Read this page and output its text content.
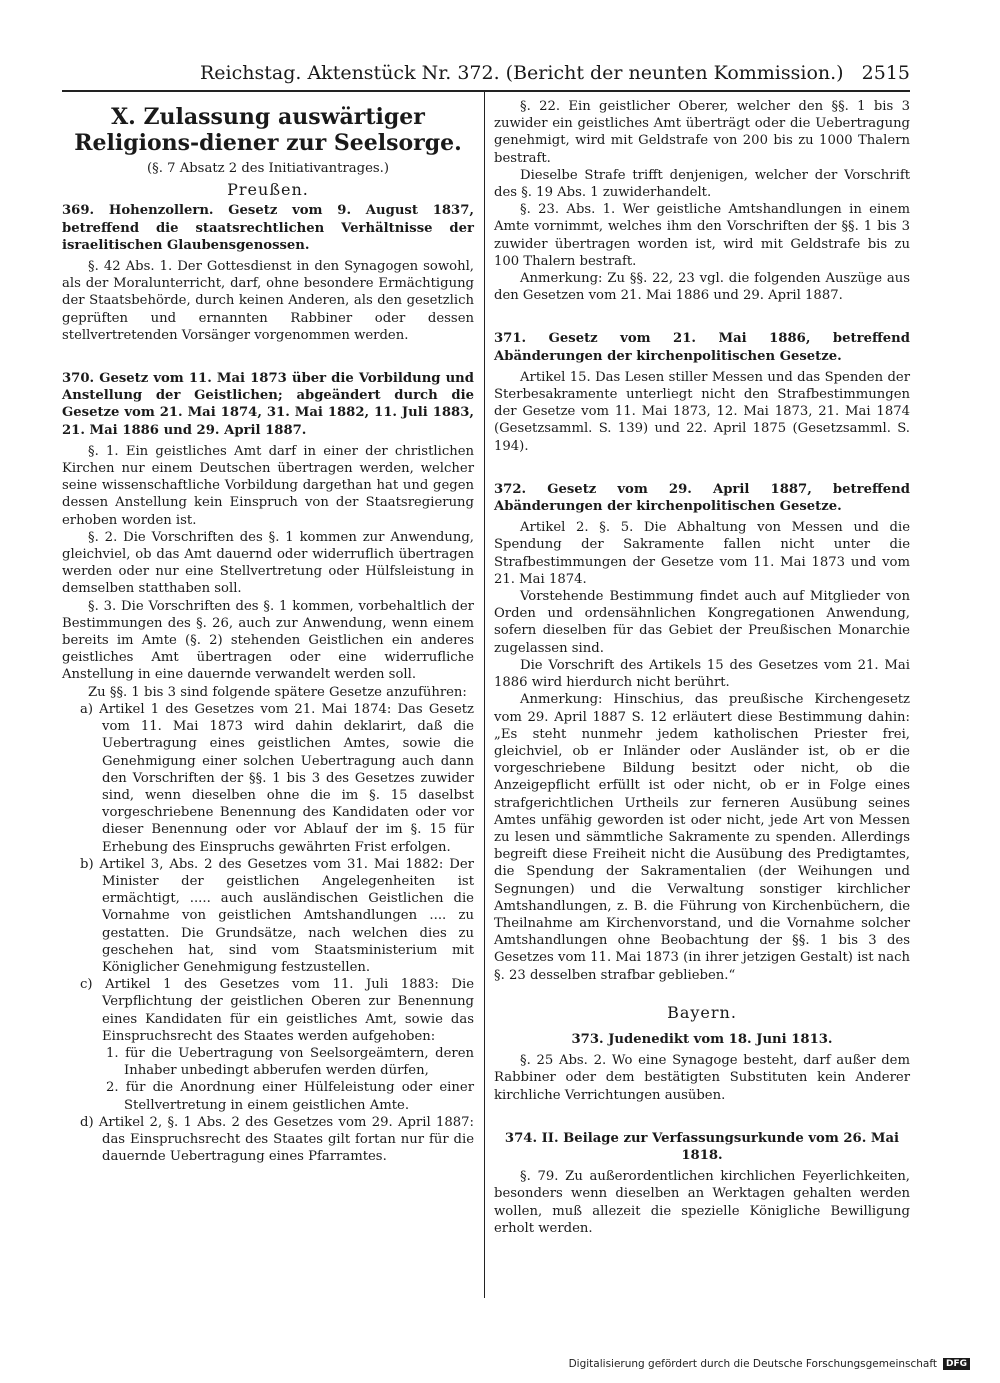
Reichstag. Aktenstück Nr. 372. (Bericht der neunten Kommission.) 2515

X. Zulassung auswärtiger Religions-diener zur Seelsorge.

(§. 7 Absatz 2 des Initiativantrages.)

Preußen.

369. Hohenzollern. Gesetz vom 9. August 1837, betreffend die staatsrechtlichen Verhältnisse der israelitischen Glaubensgenossen.

§. 42 Abs. 1. Der Gottesdienst in den Synagogen sowohl, als der Moralunterricht, darf, ohne besondere Ermächtigung der Staatsbehörde, durch keinen Anderen, als den gesetzlich geprüften und ernannten Rabbiner oder dessen stellvertretenden Vorsänger vorgenommen werden.

370. Gesetz vom 11. Mai 1873 über die Vorbildung und Anstellung der Geistlichen; abgeändert durch die Gesetze vom 21. Mai 1874, 31. Mai 1882, 11. Juli 1883, 21. Mai 1886 und 29. April 1887.

§. 1. Ein geistliches Amt darf in einer der christlichen Kirchen nur einem Deutschen übertragen werden, welcher seine wissenschaftliche Vorbildung dargethan hat und gegen dessen Anstellung kein Einspruch von der Staatsregierung erhoben worden ist.

§. 2. Die Vorschriften des §. 1 kommen zur Anwendung, gleichviel, ob das Amt dauernd oder widerruflich übertragen werden oder nur eine Stellvertretung oder Hülfsleistung in demselben statthaben soll.

§. 3. Die Vorschriften des §. 1 kommen, vorbehaltlich der Bestimmungen des §. 26, auch zur Anwendung, wenn einem bereits im Amte (§. 2) stehenden Geistlichen ein anderes geistliches Amt übertragen oder eine widerrufliche Anstellung in eine dauernde verwandelt werden soll.

Zu §§. 1 bis 3 sind folgende spätere Gesetze anzuführen:

a) Artikel 1 des Gesetzes vom 21. Mai 1874: Das Gesetz vom 11. Mai 1873 wird dahin deklarirt, daß die Uebertragung eines geistlichen Amtes, sowie die Genehmigung einer solchen Uebertragung auch dann den Vorschriften der §§. 1 bis 3 des Gesetzes zuwider sind, wenn dieselben ohne die im §. 15 daselbst vorgeschriebene Benennung des Kandidaten oder vor dieser Benennung oder vor Ablauf der im §. 15 für Erhebung des Einspruchs gewährten Frist erfolgen.

b) Artikel 3, Abs. 2 des Gesetzes vom 31. Mai 1882: Der Minister der geistlichen Angelegenheiten ist ermächtigt, ..... auch ausländischen Geistlichen die Vornahme von geistlichen Amtshandlungen .... zu gestatten. Die Grundsätze, nach welchen dies zu geschehen hat, sind vom Staatsministerium mit Königlicher Genehmigung festzustellen.

c) Artikel 1 des Gesetzes vom 11. Juli 1883: Die Verpflichtung der geistlichen Oberen zur Benennung eines Kandidaten für ein geistliches Amt, sowie das Einspruchsrecht des Staates werden aufgehoben:

1. für die Uebertragung von Seelsorgeämtern, deren Inhaber unbedingt abberufen werden dürfen,

2. für die Anordnung einer Hülfeleistung oder einer Stellvertretung in einem geistlichen Amte.

d) Artikel 2, §. 1 Abs. 2 des Gesetzes vom 29. April 1887: das Einspruchsrecht des Staates gilt fortan nur für die dauernde Uebertragung eines Pfarramtes.

§. 22. Ein geistlicher Oberer, welcher den §§. 1 bis 3 zuwider ein geistliches Amt überträgt oder die Uebertragung genehmigt, wird mit Geldstrafe von 200 bis zu 1000 Thalern bestraft.

Dieselbe Strafe trifft denjenigen, welcher der Vorschrift des §. 19 Abs. 1 zuwiderhandelt.

§. 23. Abs. 1. Wer geistliche Amtshandlungen in einem Amte vornimmt, welches ihm den Vorschriften der §§. 1 bis 3 zuwider übertragen worden ist, wird mit Geldstrafe bis zu 100 Thalern bestraft.

Anmerkung: Zu §§. 22, 23 vgl. die folgenden Auszüge aus den Gesetzen vom 21. Mai 1886 und 29. April 1887.

371. Gesetz vom 21. Mai 1886, betreffend Abänderungen der kirchenpolitischen Gesetze.

Artikel 15. Das Lesen stiller Messen und das Spenden der Sterbesakramente unterliegt nicht den Strafbestimmungen der Gesetze vom 11. Mai 1873, 12. Mai 1873, 21. Mai 1874 (Gesetzsamml. S. 139) und 22. April 1875 (Gesetzsamml. S. 194).

372. Gesetz vom 29. April 1887, betreffend Abänderungen der kirchenpolitischen Gesetze.

Artikel 2. §. 5. Die Abhaltung von Messen und die Spendung der Sakramente fallen nicht unter die Strafbestimmungen der Gesetze vom 11. Mai 1873 und vom 21. Mai 1874.

Vorstehende Bestimmung findet auch auf Mitglieder von Orden und ordensähnlichen Kongregationen Anwendung, sofern dieselben für das Gebiet der Preußischen Monarchie zugelassen sind.

Die Vorschrift des Artikels 15 des Gesetzes vom 21. Mai 1886 wird hierdurch nicht berührt.

Anmerkung: Hinschius, das preußische Kirchengesetz vom 29. April 1887 S. 12 erläutert diese Bestimmung dahin: „Es steht nunmehr jedem katholischen Priester frei, gleichviel, ob er Inländer oder Ausländer ist, ob er die vorgeschriebene Bildung besitzt oder nicht, ob die Anzeigepflicht erfüllt ist oder nicht, ob er in Folge eines strafgerichtlichen Urtheils zur ferneren Ausübung seines Amtes unfähig geworden ist oder nicht, jede Art von Messen zu lesen und sämmtliche Sakramente zu spenden. Allerdings begreift diese Freiheit nicht die Ausübung des Predigtamtes, die Spendung der Sakramentalien (der Weihungen und Segnungen) und die Verwaltung sonstiger kirchlicher Amtshandlungen, z. B. die Führung von Kirchenbüchern, die Theilnahme am Kirchenvorstand, und die Vornahme solcher Amtshandlungen ohne Beobachtung der §§. 1 bis 3 des Gesetzes vom 11. Mai 1873 (in ihrer jetzigen Gestalt) ist nach §. 23 desselben strafbar geblieben.“

Bayern.

373. Judenedikt vom 18. Juni 1813.

§. 25 Abs. 2. Wo eine Synagoge besteht, darf außer dem Rabbiner oder dem bestätigten Substituten kein Anderer kirchliche Verrichtungen ausüben.

374. II. Beilage zur Verfassungsurkunde vom 26. Mai 1818.

§. 79. Zu außerordentlichen kirchlichen Feyerlichkeiten, besonders wenn dieselben an Werktagen gehalten werden wollen, muß allezeit die spezielle Königliche Bewilligung erholt werden.

Digitalisierung gefördert durch die Deutsche Forschungsgemeinschaft	DFG
